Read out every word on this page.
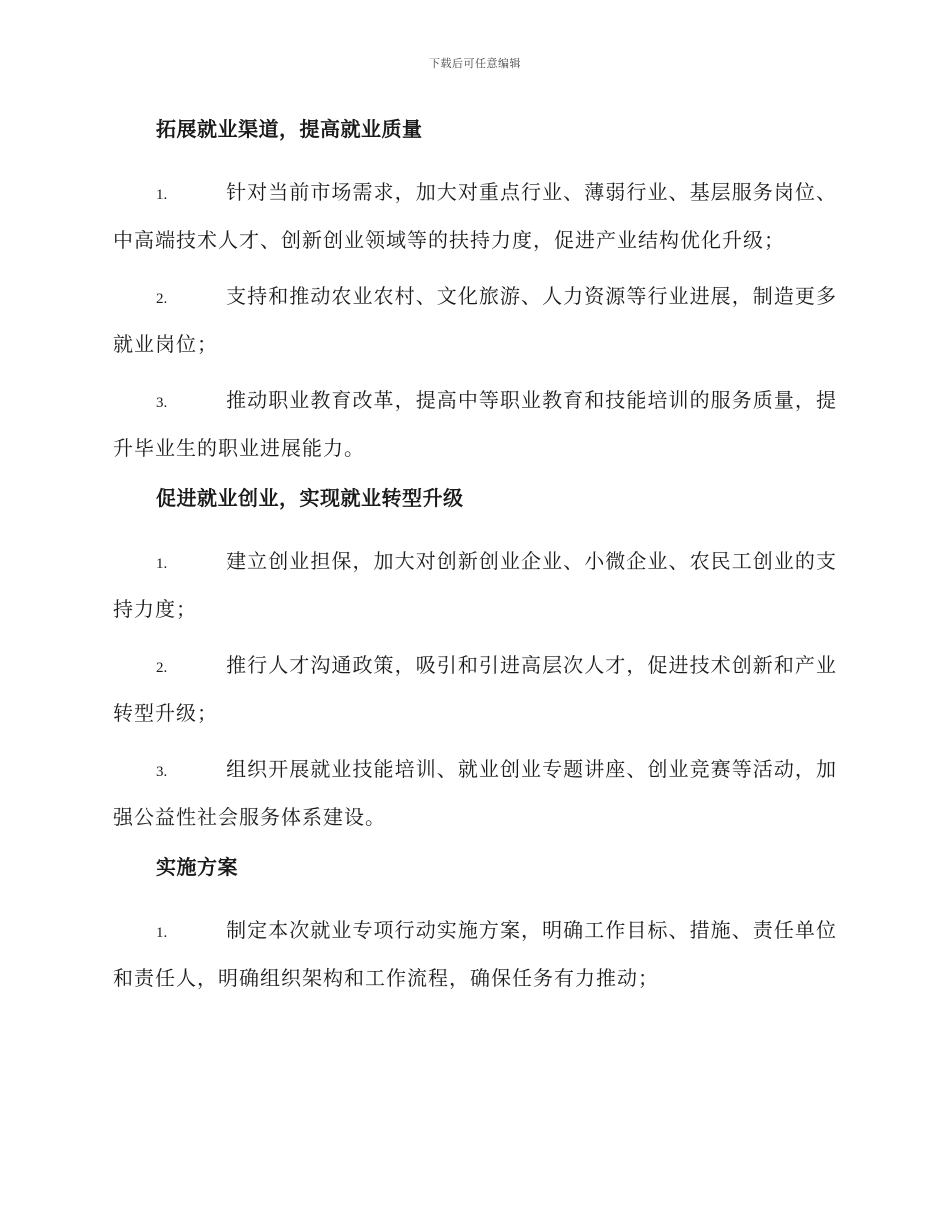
下载后可任意编辑
拓展就业渠道，提高就业质量
1.	针对当前市场需求，加大对重点行业、薄弱行业、基层服务岗位、中高端技术人才、创新创业领域等的扶持力度，促进产业结构优化升级；
2.	支持和推动农业农村、文化旅游、人力资源等行业进展，制造更多就业岗位；
3.	推动职业教育改革，提高中等职业教育和技能培训的服务质量，提升毕业生的职业进展能力。
促进就业创业，实现就业转型升级
1.	建立创业担保，加大对创新创业企业、小微企业、农民工创业的支持力度；
2.	推行人才沟通政策，吸引和引进高层次人才，促进技术创新和产业转型升级；
3.	组织开展就业技能培训、就业创业专题讲座、创业竞赛等活动，加强公益性社会服务体系建设。
实施方案
1.	制定本次就业专项行动实施方案，明确工作目标、措施、责任单位和责任人，明确组织架构和工作流程，确保任务有力推动；
